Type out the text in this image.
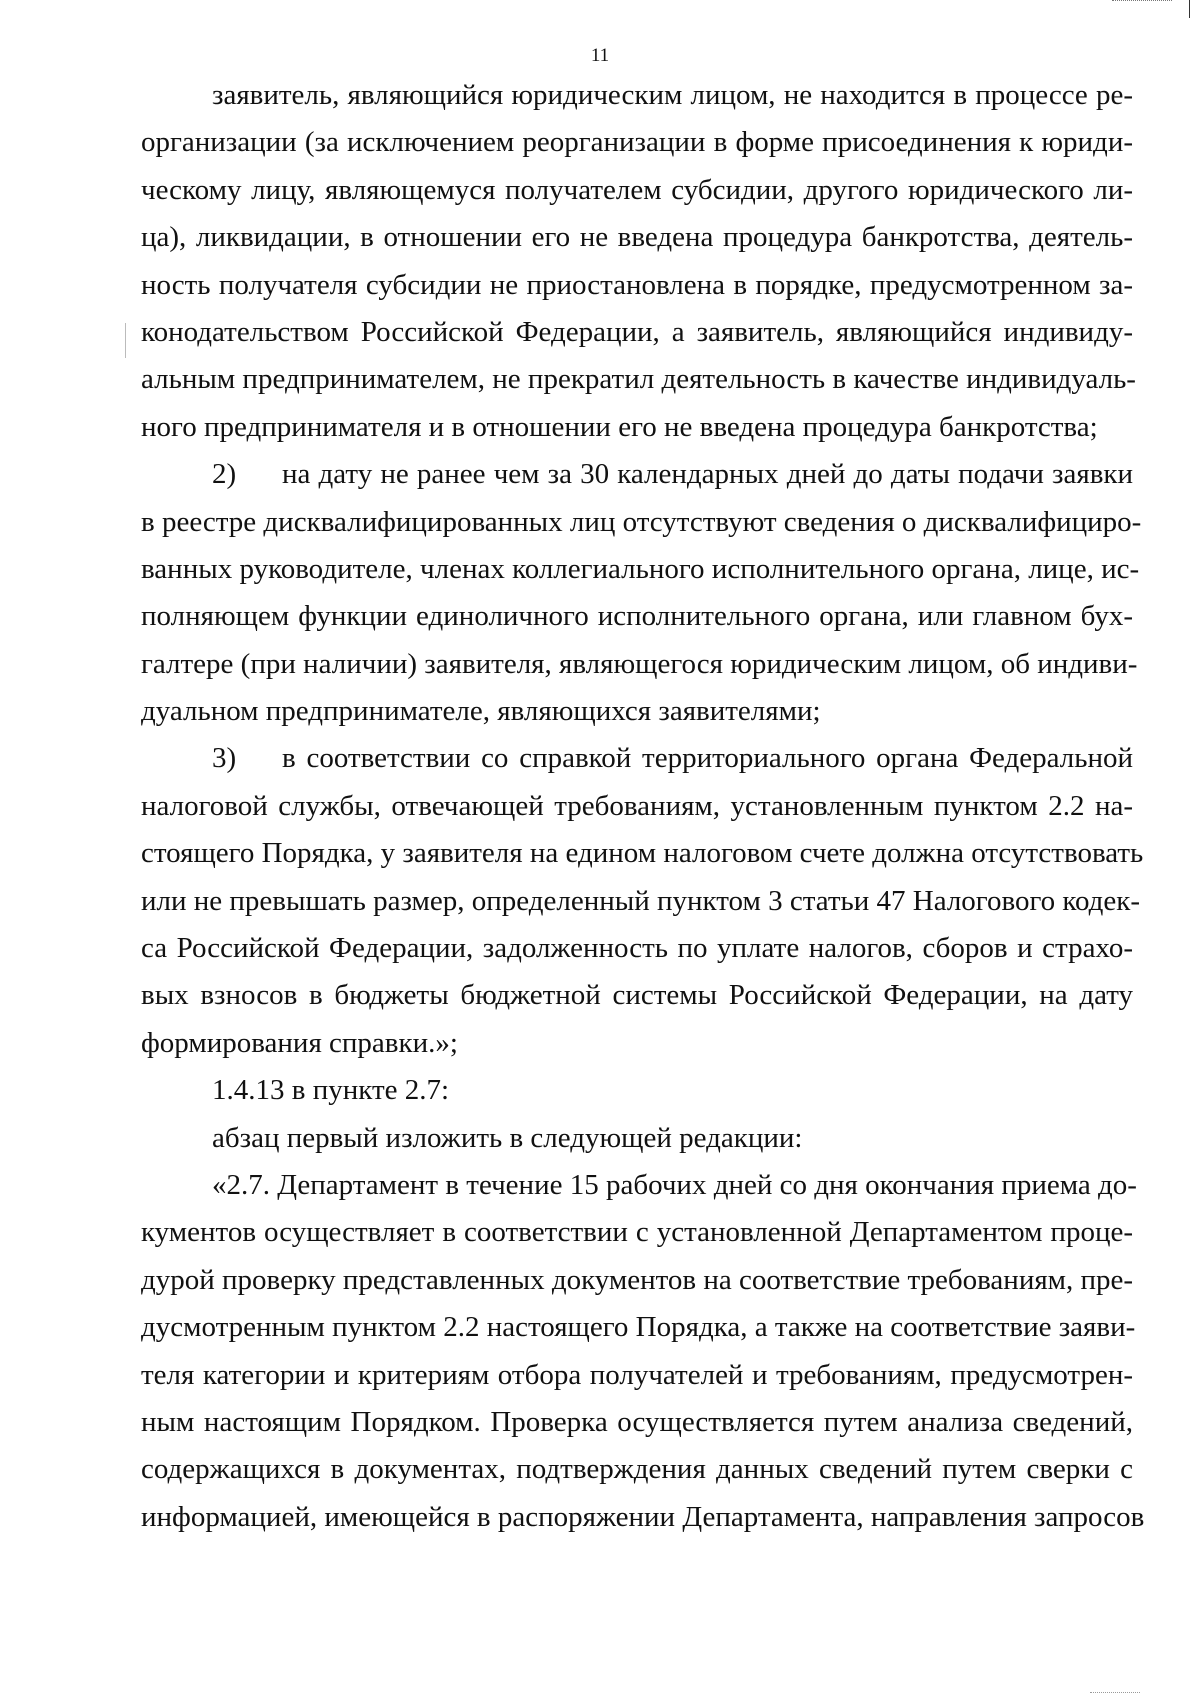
11
заявитель, являющийся юридическим лицом, не находится в процессе ре-
организации (за исключением реорганизации в форме присоединения к юриди-
ческому лицу, являющемуся получателем субсидии, другого юридического ли-
ца), ликвидации, в отношении его не введена процедура банкротства, деятель-
ность получателя субсидии не приостановлена в порядке, предусмотренном за-
конодательством Российской Федерации, а заявитель, являющийся индивиду-
альным предпринимателем, не прекратил деятельность в качестве индивидуаль-
ного предпринимателя и в отношении его не введена процедура банкротства;
2) на дату не ранее чем за 30 календарных дней до даты подачи заявки
в реестре дисквалифицированных лиц отсутствуют сведения о дисквалифициро-
ванных руководителе, членах коллегиального исполнительного органа, лице, ис-
полняющем функции единоличного исполнительного органа, или главном бух-
галтере (при наличии) заявителя, являющегося юридическим лицом, об индиви-
дуальном предпринимателе, являющихся заявителями;
3) в соответствии со справкой территориального органа Федеральной
налоговой службы, отвечающей требованиям, установленным пунктом 2.2 на-
стоящего Порядка, у заявителя на едином налоговом счете должна отсутствовать
или не превышать размер, определенный пунктом 3 статьи 47 Налогового кодек-
са Российской Федерации, задолженность по уплате налогов, сборов и страхо-
вых взносов в бюджеты бюджетной системы Российской Федерации, на дату
формирования справки.»;
1.4.13 в пункте 2.7:
абзац первый изложить в следующей редакции:
«2.7. Департамент в течение 15 рабочих дней со дня окончания приема до-
кументов осуществляет в соответствии с установленной Департаментом проце-
дурой проверку представленных документов на соответствие требованиям, пре-
дусмотренным пунктом 2.2 настоящего Порядка, а также на соответствие заяви-
теля категории и критериям отбора получателей и требованиям, предусмотрен-
ным настоящим Порядком. Проверка осуществляется путем анализа сведений,
содержащихся в документах, подтверждения данных сведений путем сверки с
информацией, имеющейся в распоряжении Департамента, направления запросов
